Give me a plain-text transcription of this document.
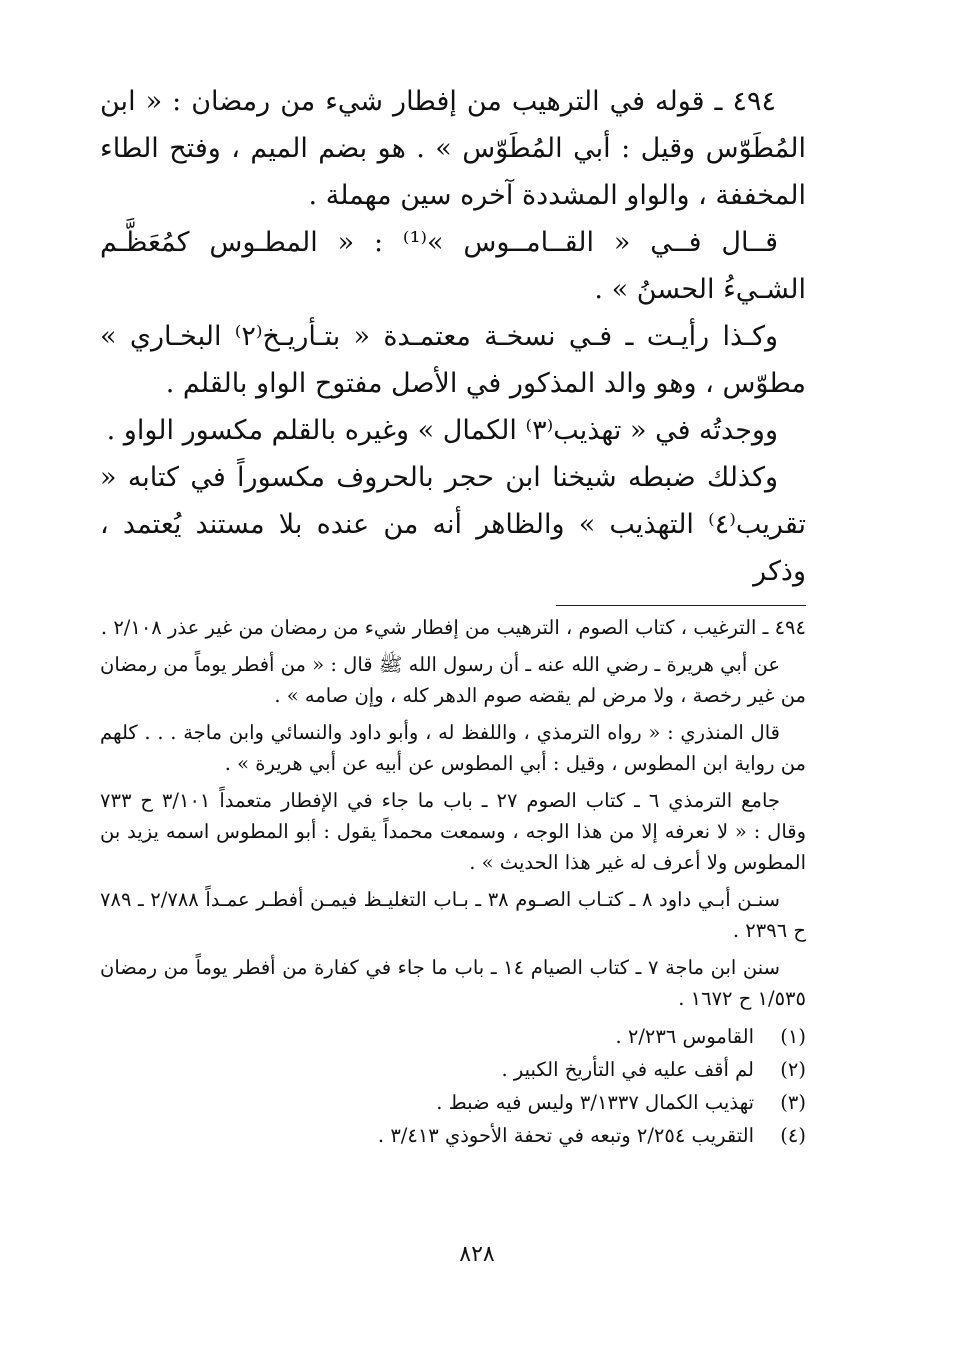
٤٩٤ ـ قوله في الترهيب من إفطار شيء من رمضان : « ابن المُطَوّس وقيل : أبي المُطَوّس » . هو بضم الميم ، وفتح الطاء المخففة ، والواو المشددة آخره سين مهملة .

قــال فــي « القــامــوس »⁽¹⁾ : « المطـوس كمُعَظَّـم الشـيءُ الحسنُ » .

وكـذا رأيـت ـ فـي نسخـة معتمـدة « بتـأريـخ⁽٢⁾ البخـاري » مطوّس ، وهو والد المذكور في الأصل مفتوح الواو بالقلم .

ووجدتُه في « تهذيب⁽٣⁾ الكمال » وغيره بالقلم مكسور الواو .

وكذلك ضبطه شيخنا ابن حجر بالحروف مكسوراً في كتابه « تقريب⁽٤⁾ التهذيب » والظاهر أنه من عنده بلا مستند يُعتمد ، وذكر

٤٩٤ ـ الترغيب ، كتاب الصوم ، الترهيب من إفطار شيء من رمضان من غير عذر ٢/١٠٨ .

عن أبي هريرة ـ رضي الله عنه ـ أن رسول الله ﷺ قال : « من أفطر يوماً من رمضان من غير رخصة ، ولا مرض لم يقضه صوم الدهر كله ، وإن صامه » .

قال المنذري : « رواه الترمذي ، واللفظ له ، وأبو داود والنسائي وابن ماجة . . . كلهم من رواية ابن المطوس ، وقيل : أبي المطوس عن أبيه عن أبي هريرة » .

جامع الترمذي ٦ ـ كتاب الصوم ٢٧ ـ باب ما جاء في الإفطار متعمداً ٣/١٠١ ح ٧٣٣ وقال : « لا نعرفه إلا من هذا الوجه ، وسمعت محمداً يقول : أبو المطوس اسمه يزيد بن المطوس ولا أعرف له غير هذا الحديث » .

سنـن أبـي داود ٨ ـ كتـاب الصـوم ٣٨ ـ بـاب التغليـظ فيمـن أفطـر عمـداً ٢/٧٨٨ ـ ٧٨٩ ح ٢٣٩٦ .

سنن ابن ماجة ٧ ـ كتاب الصيام ١٤ ـ باب ما جاء في كفارة من أفطر يوماً من رمضان ١/٥٣٥ ح ١٦٧٢ .

(١)
القاموس ٢/٢٣٦ .
(٢)
لم أقف عليه في التأريخ الكبير .
(٣)
تهذيب الكمال ٣/١٣٣٧ وليس فيه ضبط .
(٤)
التقريب ٢/٢٥٤ وتبعه في تحفة الأحوذي ٣/٤١٣ .
٨٢٨
